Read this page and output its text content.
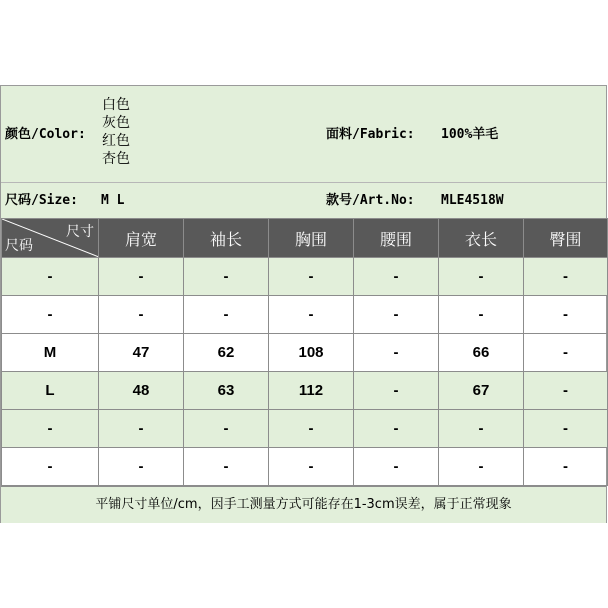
颜色/Color:
白色
灰色
红色
杏色
面料/Fabric: 100%羊毛
尺码/Size: M L	款号/Art.No: MLE4518W
尺寸
尺码	肩宽	袖长	胸围	腰围	衣长	臀围
-	-	-	-	-	-	-
-	-	-	-	-	-	-
M	47	62	108	-	66	-
L	48	63	112	-	67	-
-	-	-	-	-	-	-
-	-	-	-	-	-	-
平铺尺寸单位/cm，因手工测量方式可能存在1-3cm误差，属于正常现象
